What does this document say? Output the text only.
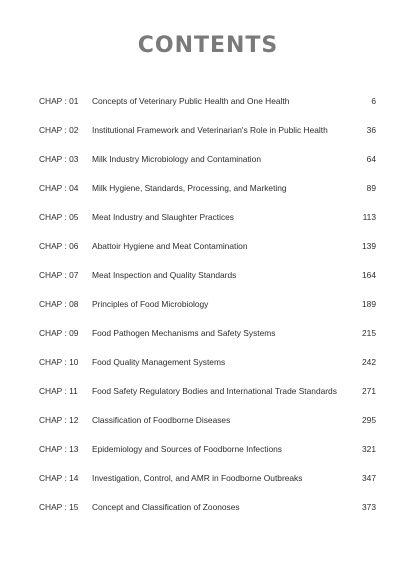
CONTENTS
CHAP : 01 Concepts of Veterinary Public Health and One Health	6
CHAP : 02 Institutional Framework and Veterinarian's Role in Public Health	36
CHAP : 03 Milk Industry Microbiology and Contamination	64
CHAP : 04 Milk Hygiene, Standards, Processing, and Marketing	89
CHAP : 05 Meat Industry and Slaughter Practices	113
CHAP : 06 Abattoir Hygiene and Meat Contamination	139
CHAP : 07 Meat Inspection and Quality Standards	164
CHAP : 08 Principles of Food Microbiology	189
CHAP : 09 Food Pathogen Mechanisms and Safety Systems	215
CHAP : 10 Food Quality Management Systems	242
CHAP : 11 Food Safety Regulatory Bodies and International Trade Standards	271
CHAP : 12 Classification of Foodborne Diseases	295
CHAP : 13 Epidemiology and Sources of Foodborne Infections	321
CHAP : 14 Investigation, Control, and AMR in Foodborne Outbreaks	347
CHAP : 15 Concept and Classification of Zoonoses	373
